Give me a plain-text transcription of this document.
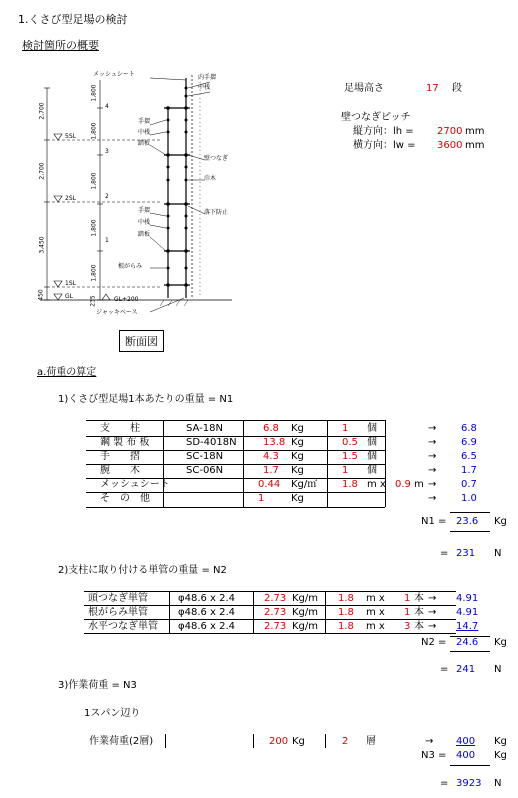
1.くさび型足場の検討
検討箇所の概要
足場高さ	17 段
壁つなぎピッチ
縦方向：lh = 2700 mm
横方向：lw = 3600 mm
メッシュシート	内手摺
中桟
手摺
中桟
踏板
壁つなぎ
巾木
落下防止
手摺
中桟
踏板
根がらみ
ジャッキベース
GL+200
5SL
2SL
1SL
GL
2,700
2,700
3,450
450
1,800
1,800
1,800
1,800
1,800
235
4
3
2
1
断面図
a.荷重の算定
1)くさび型足場1本あたりの重量 = N1
支　　柱	SA-18N	6.8 Kg	1 個	→ 6.8
鋼 製 布 板	SD-4018N	13.8 Kg	0.5 個	→ 6.9
手　　摺	SC-18N	4.3 Kg	1.5 個	→ 6.5
腕　　木	SC-06N	1.7 Kg	1 個	→ 1.7
メッシュシート	0.44 Kg/㎡ 1.8 m x 0.9 m → 0.7
そ　の　他	1	Kg	→ 1.0
N1 = 23.6 Kg
= 231 N
2)支柱に取り付ける単管の重量 = N2
頭つなぎ単管	φ48.6 x 2.4	2.73 Kg/m 1.8 m x 1 本 → 4.91
根がらみ単管	φ48.6 x 2.4	2.73 Kg/m 1.8 m x 1 本 → 4.91
水平つなぎ単管 φ48.6 x 2.4	2.73 Kg/m 1.8 m x 3 本 → 14.7
N2 = 24.6 Kg
= 241 N
3)作業荷重 = N3
1スパン辺り
作業荷重(2層)	200 Kg	2 層	→ 400 Kg
N3 = 400 Kg
= 3923 N
